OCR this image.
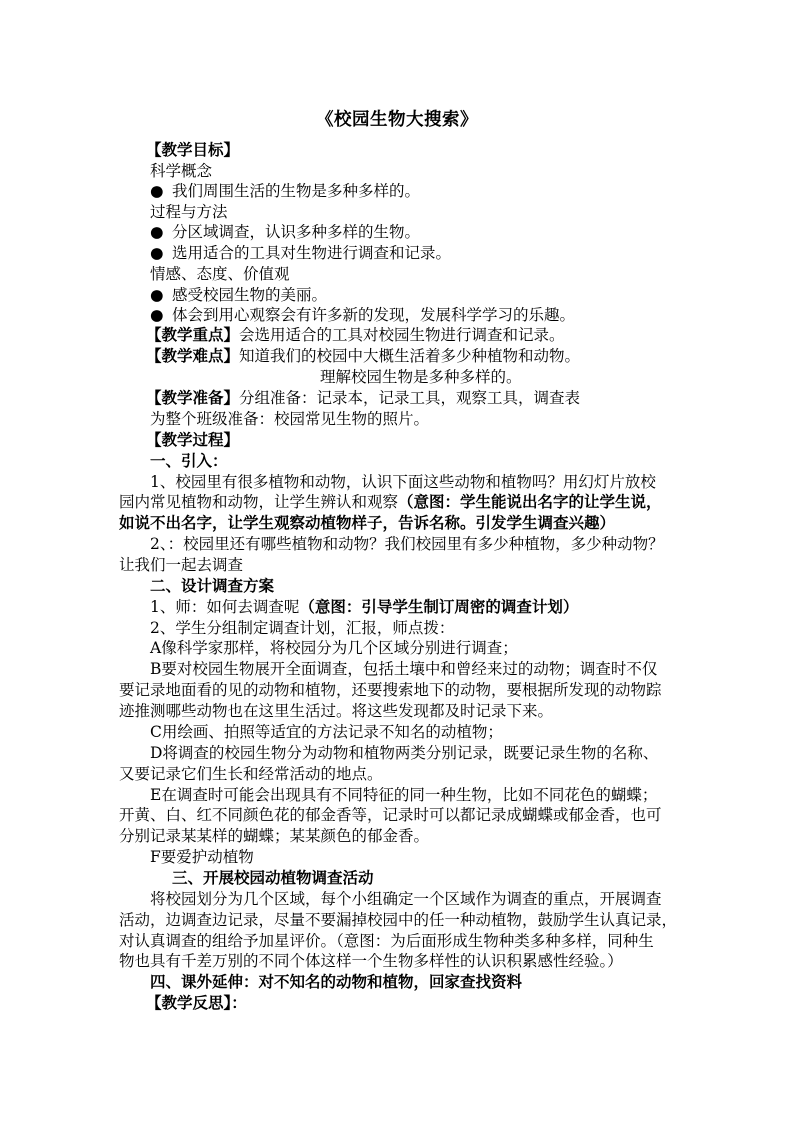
《校园生物大搜索》
【教学目标】
科学概念
● 我们周围生活的生物是多种多样的。
过程与方法
● 分区域调查，认识多种多样的生物。
● 选用适合的工具对生物进行调查和记录。
情感、态度、价值观
● 感受校园生物的美丽。
● 体会到用心观察会有许多新的发现，发展科学学习的乐趣。
【教学重点】会选用适合的工具对校园生物进行调查和记录。
【教学难点】知道我们的校园中大概生活着多少种植物和动物。
理解校园生物是多种多样的。
【教学准备】分组准备：记录本，记录工具，观察工具，调查表
为整个班级准备：校园常见生物的照片。
【教学过程】
一、引入：
1、校园里有很多植物和动物，认识下面这些动物和植物吗？用幻灯片放校
园内常见植物和动物，让学生辨认和观察（意图：学生能说出名字的让学生说，
如说不出名字，让学生观察动植物样子，告诉名称。引发学生调查兴趣）
2、：校园里还有哪些植物和动物？我们校园里有多少种植物，多少种动物？
让我们一起去调查
二、设计调查方案
1、师：如何去调查呢（意图：引导学生制订周密的调查计划）
2、学生分组制定调查计划，汇报，师点拨：
A像科学家那样，将校园分为几个区域分别进行调查；
B要对校园生物展开全面调查，包括土壤中和曾经来过的动物；调查时不仅
要记录地面看的见的动物和植物，还要搜索地下的动物，要根据所发现的动物踪
迹推测哪些动物也在这里生活过。将这些发现都及时记录下来。
C用绘画、拍照等适宜的方法记录不知名的动植物；
D将调查的校园生物分为动物和植物两类分别记录，既要记录生物的名称、
又要记录它们生长和经常活动的地点。
E在调查时可能会出现具有不同特征的同一种生物，比如不同花色的蝴蝶；
开黄、白、红不同颜色花的郁金香等，记录时可以都记录成蝴蝶或郁金香，也可
分别记录某某样的蝴蝶；某某颜色的郁金香。
F要爱护动植物
三、开展校园动植物调查活动
将校园划分为几个区域，每个小组确定一个区域作为调查的重点，开展调查
活动，边调查边记录，尽量不要漏掉校园中的任一种动植物，鼓励学生认真记录，
对认真调查的组给予加星评价。（意图：为后面形成生物种类多种多样，同种生
物也具有千差万别的不同个体这样一个生物多样性的认识积累感性经验。）
四、课外延伸：对不知名的动物和植物，回家查找资料
【教学反思】：
